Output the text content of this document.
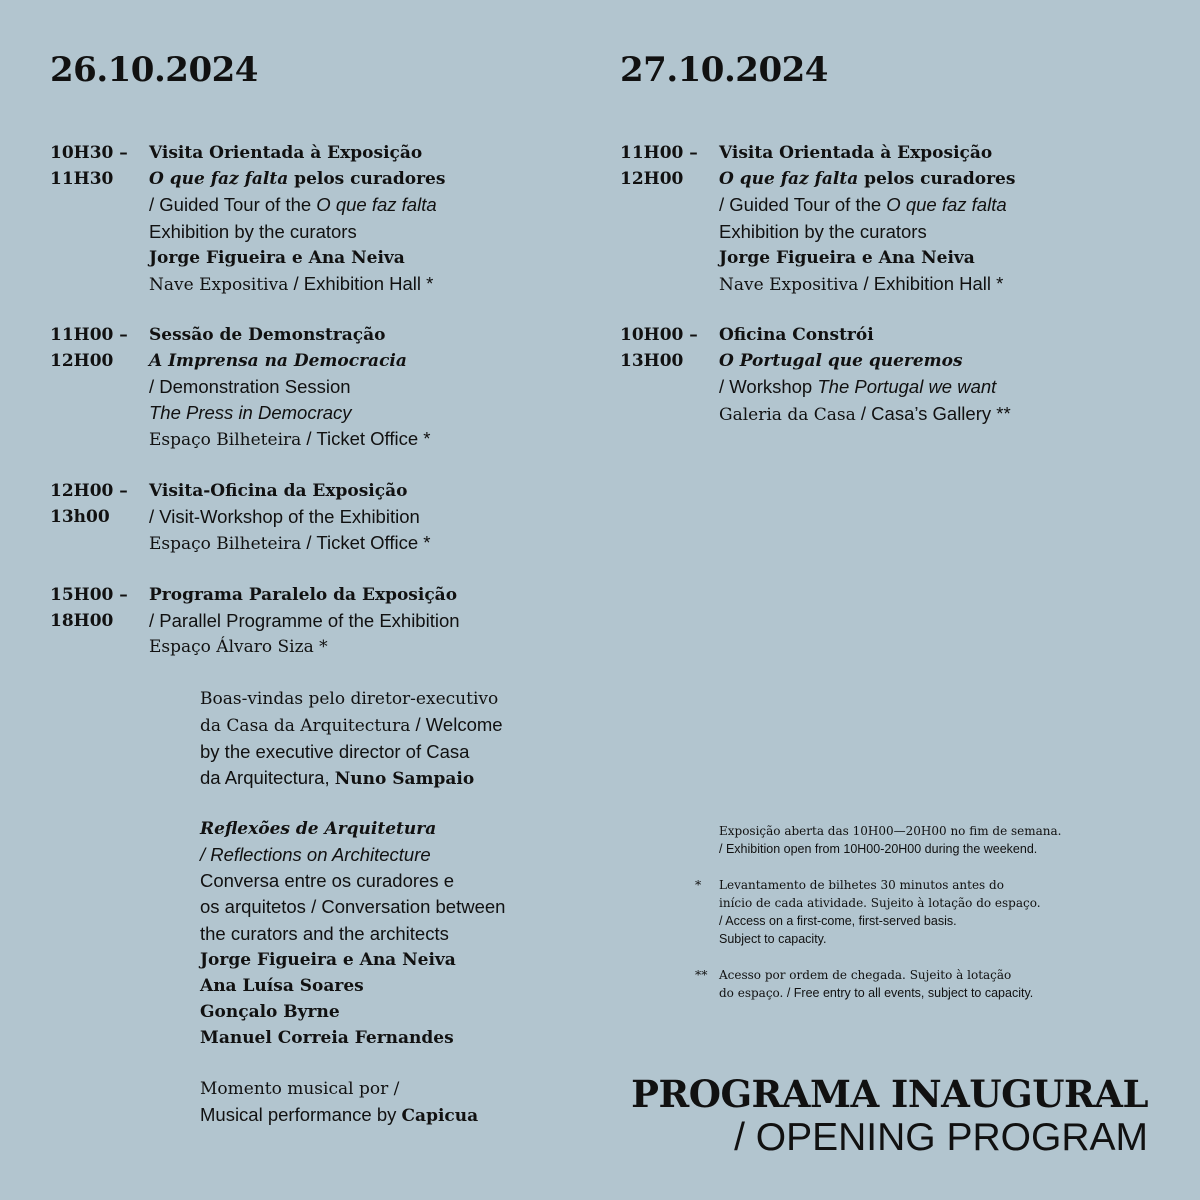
26.10.2024	27.10.2024
10H30 –
11H30
Visita Orientada à Exposição
O que faz falta pelos curadores
/ Guided Tour of the O que faz falta
Exhibition by the curators
Jorge Figueira e Ana Neiva
Nave Expositiva / Exhibition Hall *
11H00 –
12H00
Sessão de Demonstração
A Imprensa na Democracia
/ Demonstration Session
The Press in Democracy
Espaço Bilheteira / Ticket Office *
12H00 –
13h00
Visita-Oficina da Exposição
/ Visit-Workshop of the Exhibition
Espaço Bilheteira / Ticket Office *
15H00 –
18H00
Programa Paralelo da Exposição
/ Parallel Programme of the Exhibition
Espaço Álvaro Siza *
Boas-vindas pelo diretor-executivo
da Casa da Arquitectura / Welcome
by the executive director of Casa
da Arquitectura, Nuno Sampaio
Reflexões de Arquitetura
/ Reflections on Architecture
Conversa entre os curadores e
os arquitetos / Conversation between
the curators and the architects
Jorge Figueira e Ana Neiva
Ana Luísa Soares
Gonçalo Byrne
Manuel Correia Fernandes
Momento musical por /
Musical performance by Capicua
11H00 –
12H00
Visita Orientada à Exposição
O que faz falta pelos curadores
/ Guided Tour of the O que faz falta
Exhibition by the curators
Jorge Figueira e Ana Neiva
Nave Expositiva / Exhibition Hall *
10H00 –
13H00
Oficina Constrói
O Portugal que queremos
/ Workshop The Portugal we want
Galeria da Casa / Casa’s Gallery **
Exposição aberta das 10H00—20H00 no fim de semana.
/ Exhibition open from 10H00-20H00 during the weekend.
* Levantamento de bilhetes 30 minutos antes do
início de cada atividade. Sujeito à lotação do espaço.
/ Access on a first-come, first-served basis.
Subject to capacity.
** Acesso por ordem de chegada. Sujeito à lotação
do espaço. / Free entry to all events, subject to capacity.
PROGRAMA INAUGURAL
/ OPENING PROGRAM
